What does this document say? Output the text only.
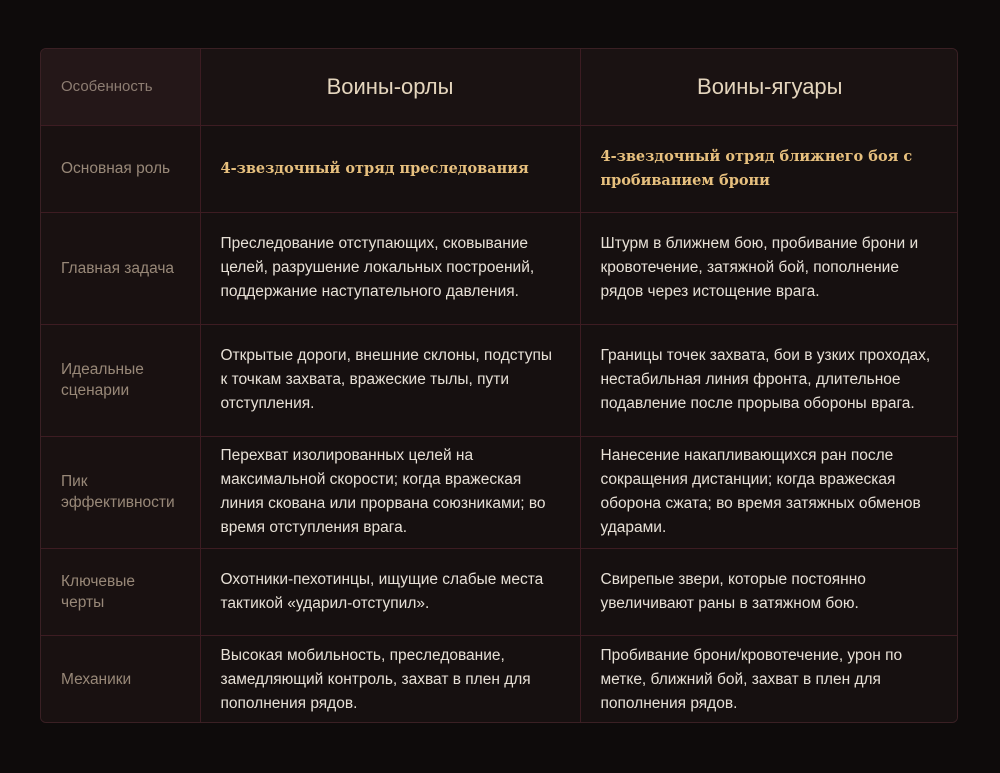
Особенность	Воины-орлы	Воины-ягуары
Основная роль	4-звездочный отряд преследования	4-звездочный отряд ближнего боя с пробиванием брони
Главная задача	Преследование отступающих, сковывание целей, разрушение локальных построений, поддержание наступательного давления.	Штурм в ближнем бою, пробивание брони и кровотечение, затяжной бой, пополнение рядов через истощение врага.
Идеальные сценарии	Открытые дороги, внешние склоны, подступы к точкам захвата, вражеские тылы, пути отступления.	Границы точек захвата, бои в узких проходах, нестабильная линия фронта, длительное подавление после прорыва обороны врага.
Пик эффективности	Перехват изолированных целей на максимальной скорости; когда вражеская линия скована или прорвана союзниками; во время отступления врага.	Нанесение накапливающихся ран после сокращения дистанции; когда вражеская оборона сжата; во время затяжных обменов ударами.
Ключевые черты	Охотники-пехотинцы, ищущие слабые места тактикой «ударил-отступил».	Свирепые звери, которые постоянно увеличивают раны в затяжном бою.
Механики	Высокая мобильность, преследование, замедляющий контроль, захват в плен для пополнения рядов.	Пробивание брони/кровотечение, урон по метке, ближний бой, захват в плен для пополнения рядов.
